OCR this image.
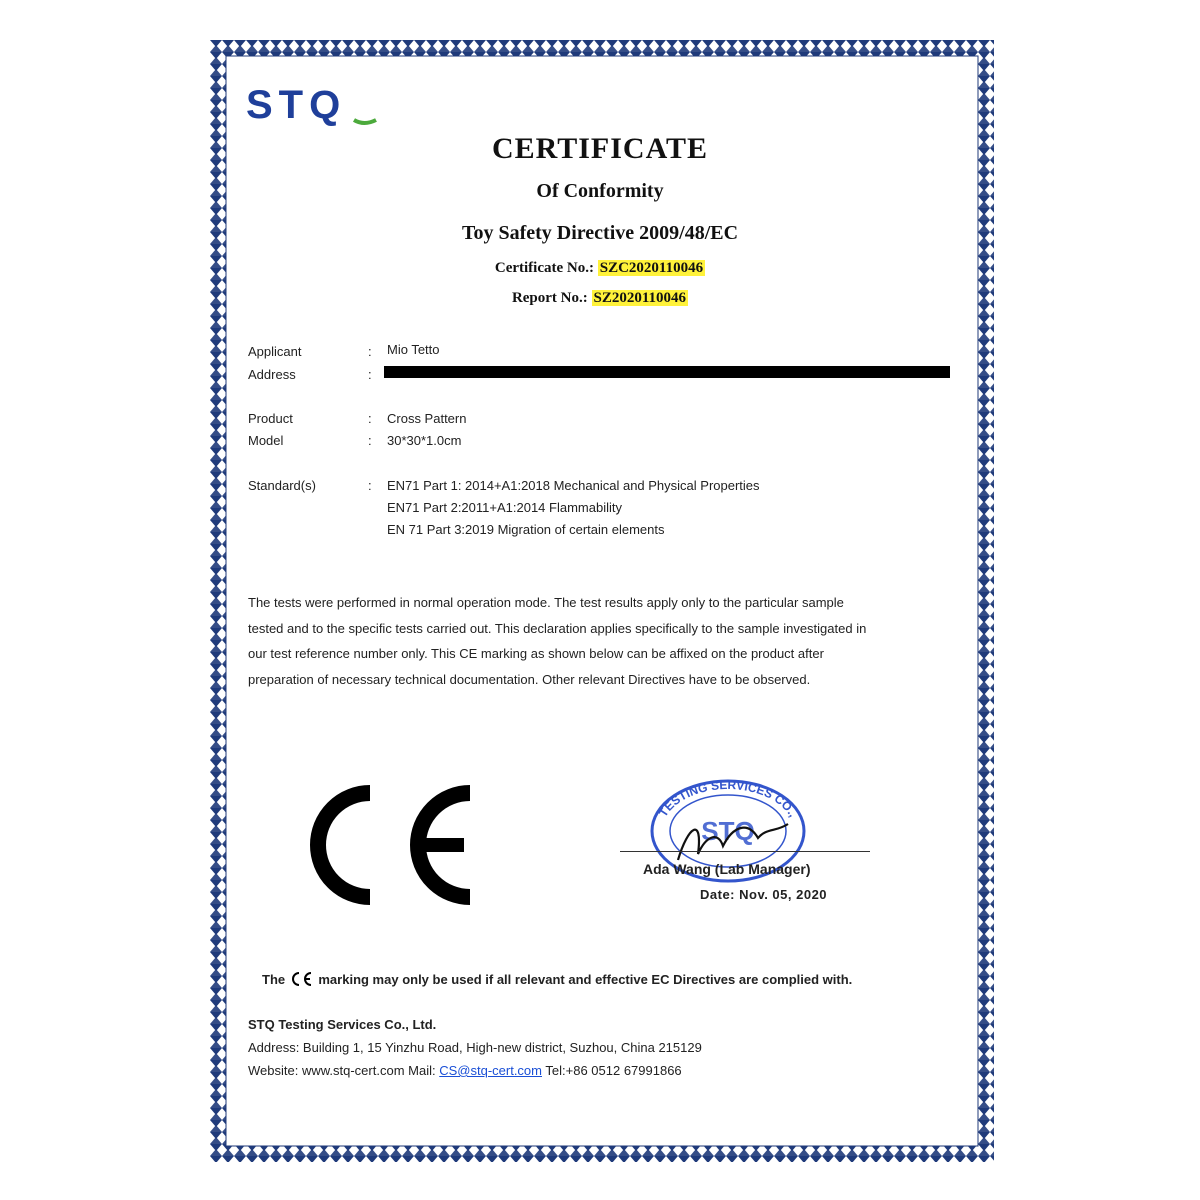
STQ
CERTIFICATE
Of Conformity
Toy Safety Directive 2009/48/EC
Certificate No.: SZC2020110046
Report No.: SZ2020110046
Applicant	: Mio Tetto
Address	:
Product	: Cross Pattern
Model	: 30*30*1.0cm
Standard(s)	: EN71 Part 1: 2014+A1:2018 Mechanical and Physical Properties
EN71 Part 2:2011+A1:2014 Flammability
EN 71 Part 3:2019 Migration of certain elements
The tests were performed in normal operation mode. The test results apply only to the particular sample
tested and to the specific tests carried out. This declaration applies specifically to the sample investigated in
our test reference number only. This CE marking as shown below can be affixed on the product after
preparation of necessary technical documentation. Other relevant Directives have to be observed.
TESTING SERVICES CO.,
STQ
Ada Wang (Lab Manager)
Date: Nov. 05, 2020
The	marking may only be used if all relevant and effective EC Directives are complied with.
STQ Testing Services Co., Ltd.
Address: Building 1, 15 Yinzhu Road, High-new district, Suzhou, China 215129
Website: www.stq-cert.com Mail: CS@stq-cert.com Tel:+86 0512 67991866
